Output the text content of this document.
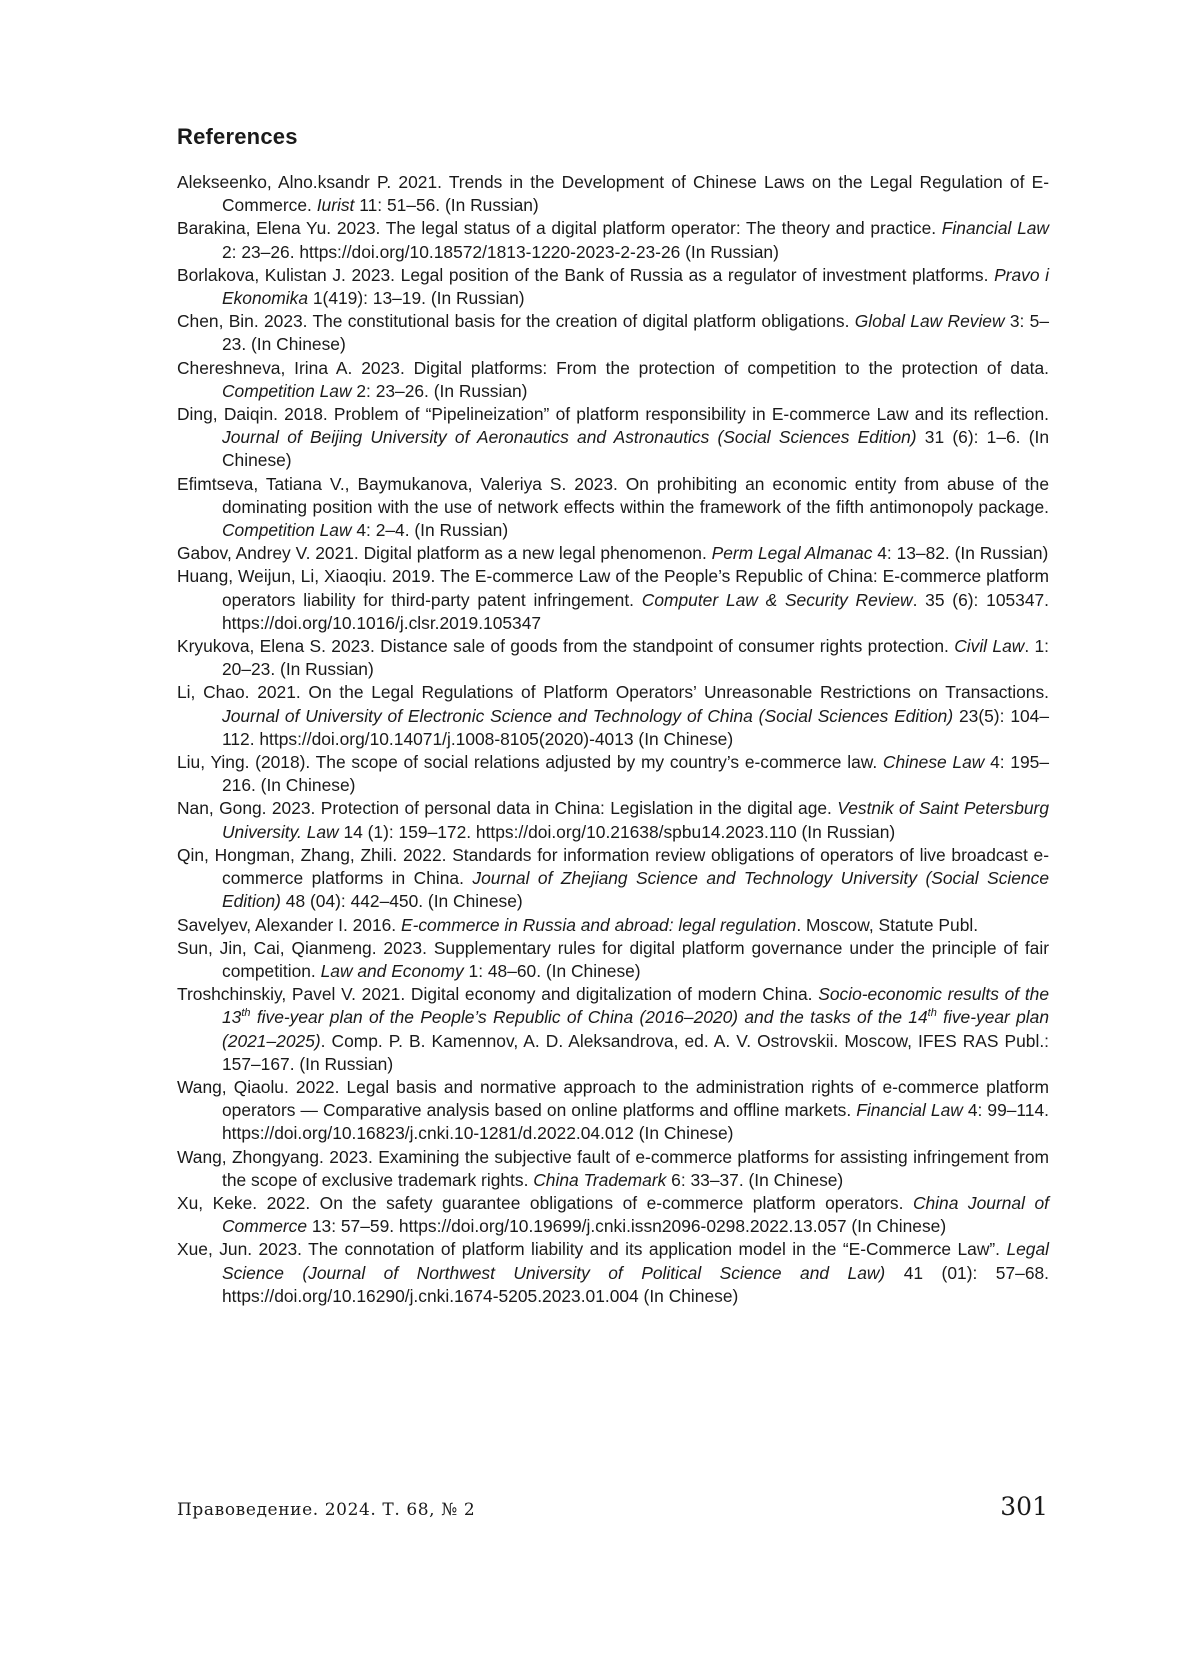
References

Alekseenko, Alno.ksandr P. 2021. Trends in the Development of Chinese Laws on the Legal Regulation of E-Commerce. Iurist 11: 51–56. (In Russian)

Barakina, Elena Yu. 2023. The legal status of a digital platform operator: The theory and practice. Financial Law 2: 23–26. https://doi.org/10.18572/1813-1220-2023-2-23-26 (In Russian)

Borlakova, Kulistan J. 2023. Legal position of the Bank of Russia as a regulator of investment platforms. Pravo i Ekonomika 1(419): 13–19. (In Russian)

Chen, Bin. 2023. The constitutional basis for the creation of digital platform obligations. Global Law Review 3: 5–23. (In Chinese)

Chereshneva, Irina A. 2023. Digital platforms: From the protection of competition to the protection of data. Competition Law 2: 23–26. (In Russian)

Ding, Daiqin. 2018. Problem of “Pipelineization” of platform responsibility in E-commerce Law and its reflection. Journal of Beijing University of Aeronautics and Astronautics (Social Sciences Edition) 31 (6): 1–6. (In Chinese)

Efimtseva, Tatiana V., Baymukanova, Valeriya S. 2023. On prohibiting an economic entity from abuse of the dominating position with the use of network effects within the framework of the fifth antimonopoly package. Competition Law 4: 2–4. (In Russian)

Gabov, Andrey V. 2021. Digital platform as a new legal phenomenon. Perm Legal Almanac 4: 13–82. (In Russian)

Huang, Weijun, Li, Xiaoqiu. 2019. The E-commerce Law of the People’s Republic of China: E-commerce platform operators liability for third-party patent infringement. Computer Law & Security Review. 35 (6): 105347. https://doi.org/10.1016/j.clsr.2019.105347

Kryukova, Elena S. 2023. Distance sale of goods from the standpoint of consumer rights protection. Civil Law. 1: 20–23. (In Russian)

Li, Chao. 2021. On the Legal Regulations of Platform Operators’ Unreasonable Restrictions on Transactions. Journal of University of Electronic Science and Technology of China (Social Sciences Edition) 23(5): 104–112. https://doi.org/10.14071/j.1008-8105(2020)-4013 (In Chinese)

Liu, Ying. (2018). The scope of social relations adjusted by my country’s e-commerce law. Chinese Law 4: 195–216. (In Chinese)

Nan, Gong. 2023. Protection of personal data in China: Legislation in the digital age. Vestnik of Saint Petersburg University. Law 14 (1): 159–172. https://doi.org/10.21638/spbu14.2023.110 (In Russian)

Qin, Hongman, Zhang, Zhili. 2022. Standards for information review obligations of operators of live broadcast e-commerce platforms in China. Journal of Zhejiang Science and Technology University (Social Science Edition) 48 (04): 442–450. (In Chinese)

Savelyev, Alexander I. 2016. E-commerce in Russia and abroad: legal regulation. Moscow, Statute Publ.

Sun, Jin, Cai, Qianmeng. 2023. Supplementary rules for digital platform governance under the principle of fair competition. Law and Economy 1: 48–60. (In Chinese)

Troshchinskiy, Pavel V. 2021. Digital economy and digitalization of modern China. Socio-economic results of the 13th five-year plan of the People’s Republic of China (2016–2020) and the tasks of the 14th five-year plan (2021–2025). Comp. P. B. Kamennov, A. D. Aleksandrova, ed. A. V. Ostrovskii. Moscow, IFES RAS Publ.: 157–167. (In Russian)

Wang, Qiaolu. 2022. Legal basis and normative approach to the administration rights of e-commerce platform operators — Comparative analysis based on online platforms and offline markets. Financial Law 4: 99–114. https://doi.org/10.16823/j.cnki.10-1281/d.2022.04.012 (In Chinese)

Wang, Zhongyang. 2023. Examining the subjective fault of e-commerce platforms for assisting infringement from the scope of exclusive trademark rights. China Trademark 6: 33–37. (In Chinese)

Xu, Keke. 2022. On the safety guarantee obligations of e-commerce platform operators. China Journal of Commerce 13: 57–59. https://doi.org/10.19699/j.cnki.issn2096-0298.2022.13.057 (In Chinese)

Xue, Jun. 2023. The connotation of platform liability and its application model in the “E-Commerce Law”. Legal Science (Journal of Northwest University of Political Science and Law) 41 (01): 57–68. https://doi.org/10.16290/j.cnki.1674-5205.2023.01.004 (In Chinese)

Правоведение. 2024. Т. 68, № 2	301
